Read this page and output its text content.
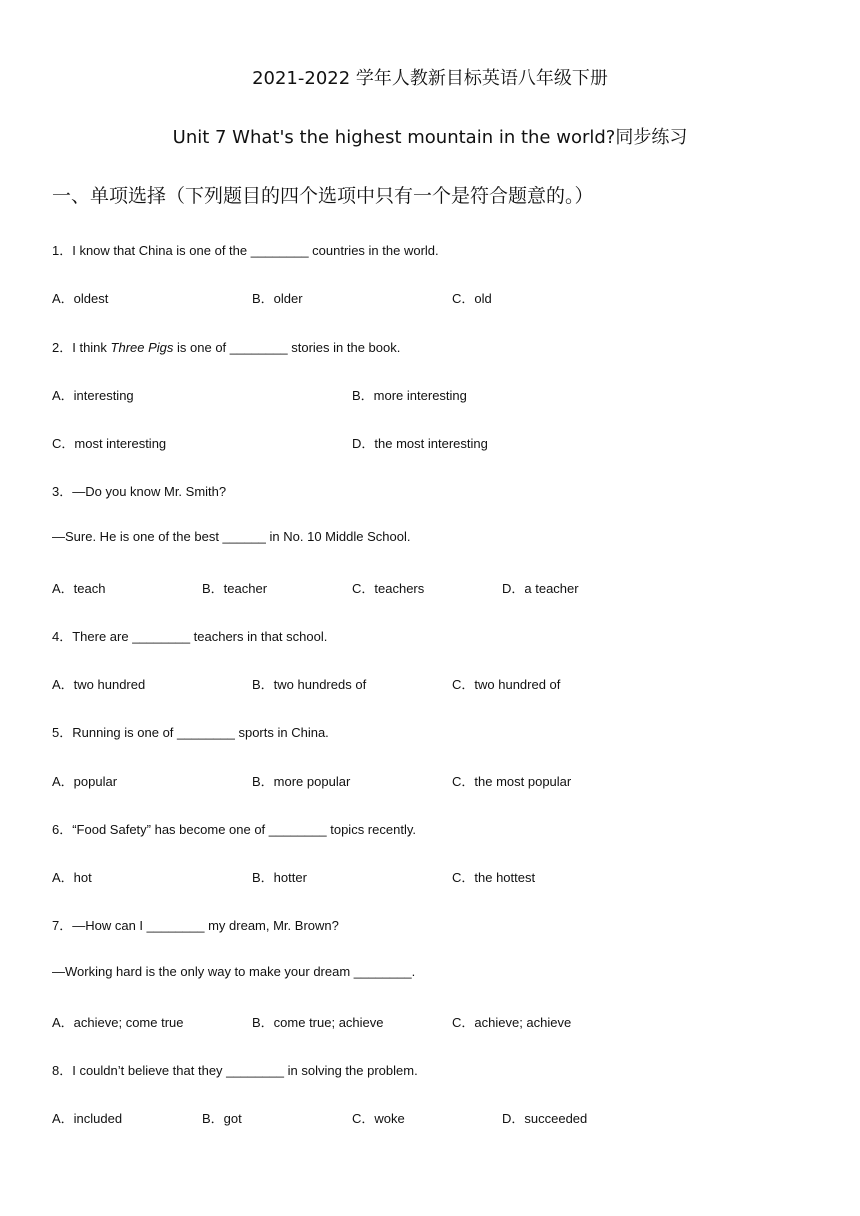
2021-2022 学年人教新目标英语八年级下册
Unit 7 What's the highest mountain in the world?同步练习
一、单项选择（下列题目的四个选项中只有一个是符合题意的。）
1．I know that China is one of the ________ countries in the world.
A．oldest	B．older	C．old
2．I think Three Pigs is one of ________ stories in the book.
A．interesting	B．more interesting
C．most interesting	D．the most interesting
3．—Do you know Mr. Smith?
—Sure. He is one of the best ______ in No. 10 Middle School.
A．teach	B．teacher	C．teachers	D．a teacher
4．There are ________ teachers in that school.
A．two hundred	B．two hundreds of	C．two hundred of
5．Running is one of ________ sports in China.
A．popular	B．more popular	C．the most popular
6．“Food Safety” has become one of ________ topics recently.
A．hot	B．hotter	C．the hottest
7．—How can I ________ my dream, Mr. Brown?
—Working hard is the only way to make your dream ________.
A．achieve; come true	B．come true; achieve	C．achieve; achieve
8．I couldn’t believe that they ________ in solving the problem.
A．included	B．got	C．woke	D．succeeded
